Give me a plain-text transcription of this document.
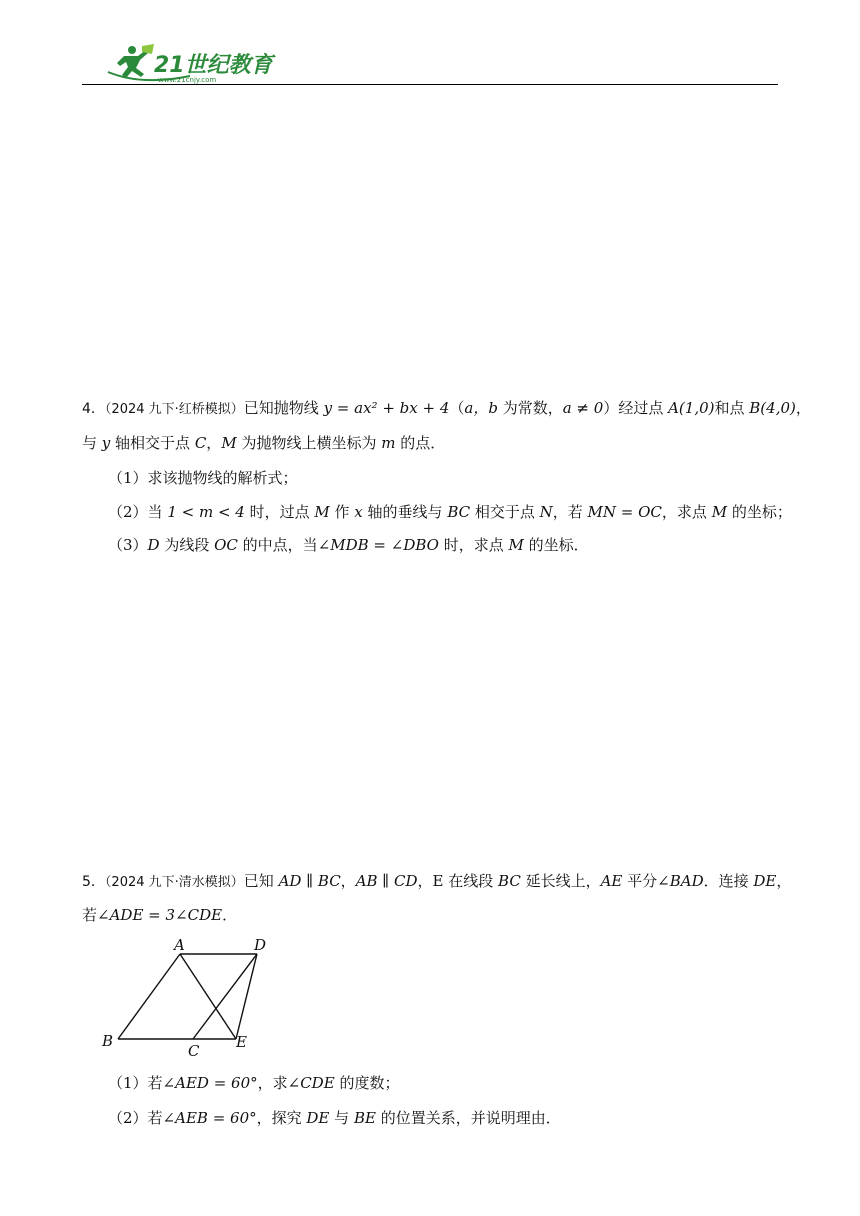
21世纪教育
www.21cnjy.com
4．（2024 九下·红桥模拟）已知抛物线 y = ax² + bx + 4（a，b 为常数，a ≠ 0）经过点 A(1,0)和点 B(4,0)，
与 y 轴相交于点 C，M 为抛物线上横坐标为 m 的点．
（1）求该抛物线的解析式；
（2）当 1 < m < 4 时，过点 M 作 x 轴的垂线与 BC 相交于点 N，若 MN = OC，求点 M 的坐标；
（3）D 为线段 OC 的中点，当∠MDB = ∠DBO 时，求点 M 的坐标．
5．（2024 九下·清水模拟）已知 AD ∥ BC，AB ∥ CD，E 在线段 BC 延长线上，AE 平分∠BAD．连接 DE，
若∠ADE = 3∠CDE．
A	D
B
C E
（1）若∠AED = 60°，求∠CDE 的度数；
（2）若∠AEB = 60°，探究 DE 与 BE 的位置关系，并说明理由．
